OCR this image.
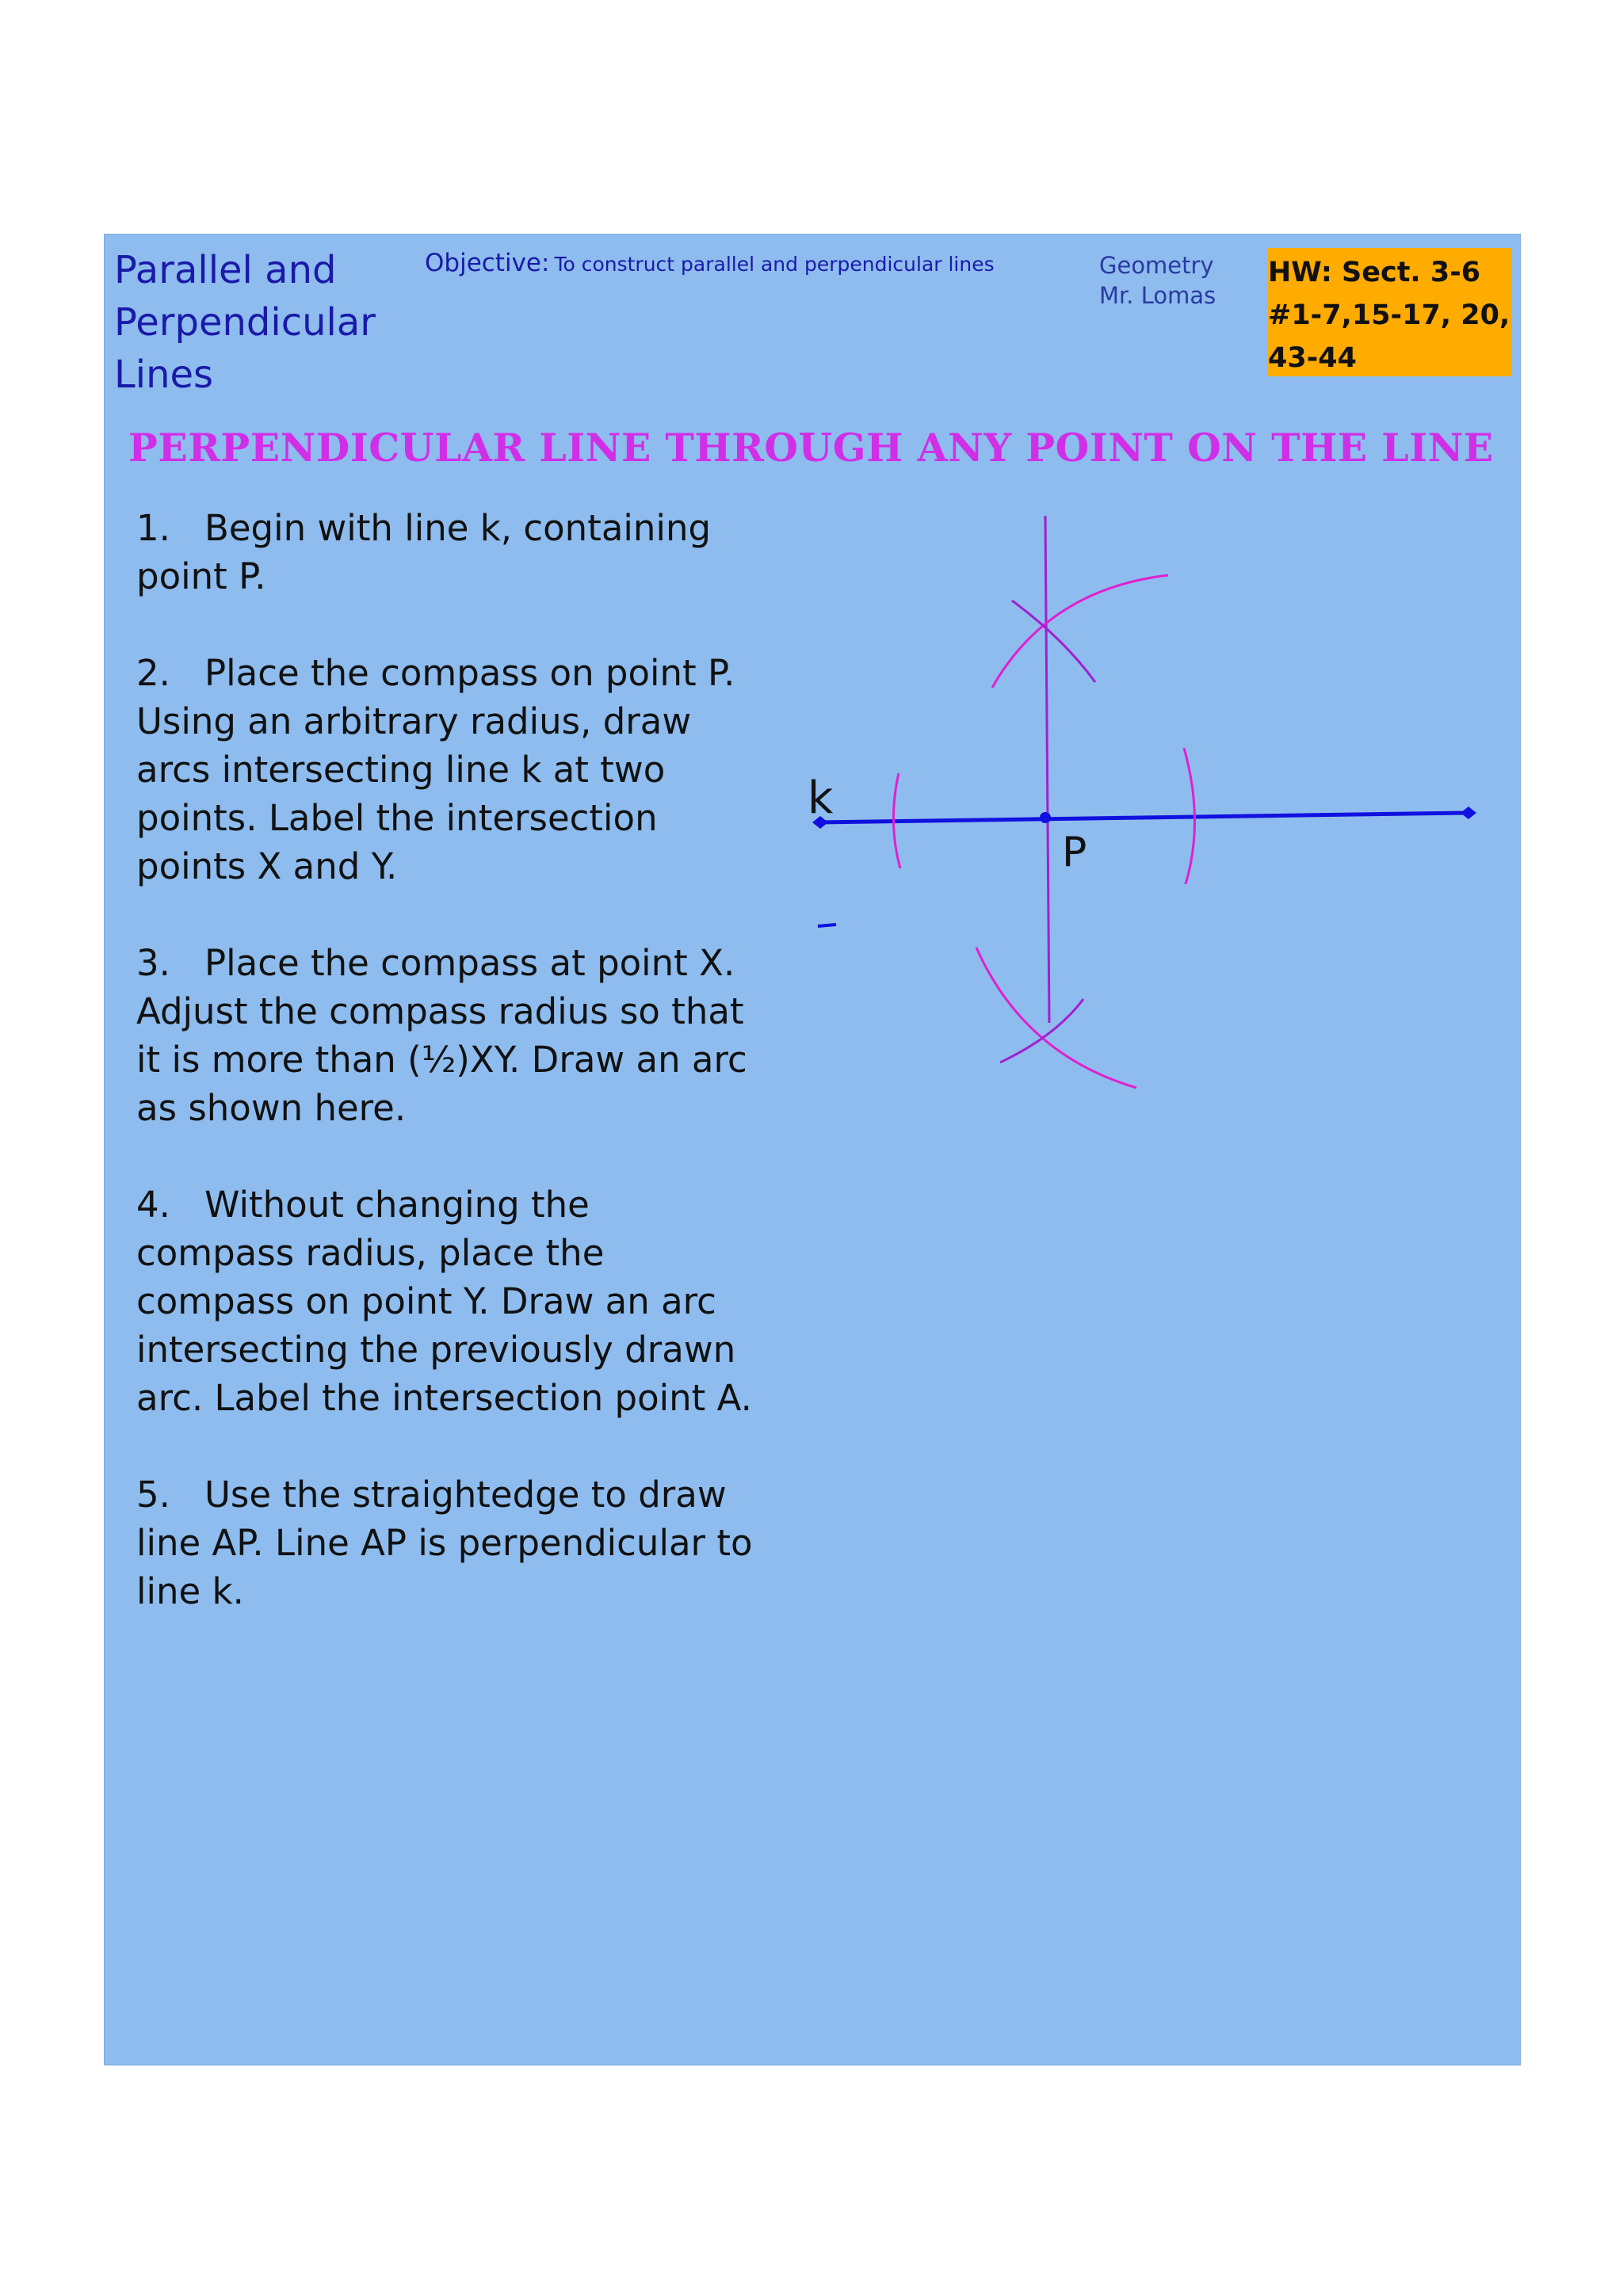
Parallel and
Perpendicular
Lines
Objective: To construct parallel and perpendicular lines	Geometry
Mr. Lomas
HW: Sect. 3-6
#1-7,15-17, 20,
43-44
PERPENDICULAR LINE THROUGH ANY POINT ON THE LINE
1. Begin with line k, containing point P.
2. Place the compass on point P. Using an arbitrary radius, draw arcs intersecting line k at two points. Label the intersection points X and Y.
3. Place the compass at point X. Adjust the compass radius so that it is more than (½)XY. Draw an arc as shown here.
4. Without changing the compass radius, place the compass on point Y. Draw an arc intersecting the previously drawn arc. Label the intersection point A.
5. Use the straightedge to draw line AP. Line AP is perpendicular to line k.
k
P
